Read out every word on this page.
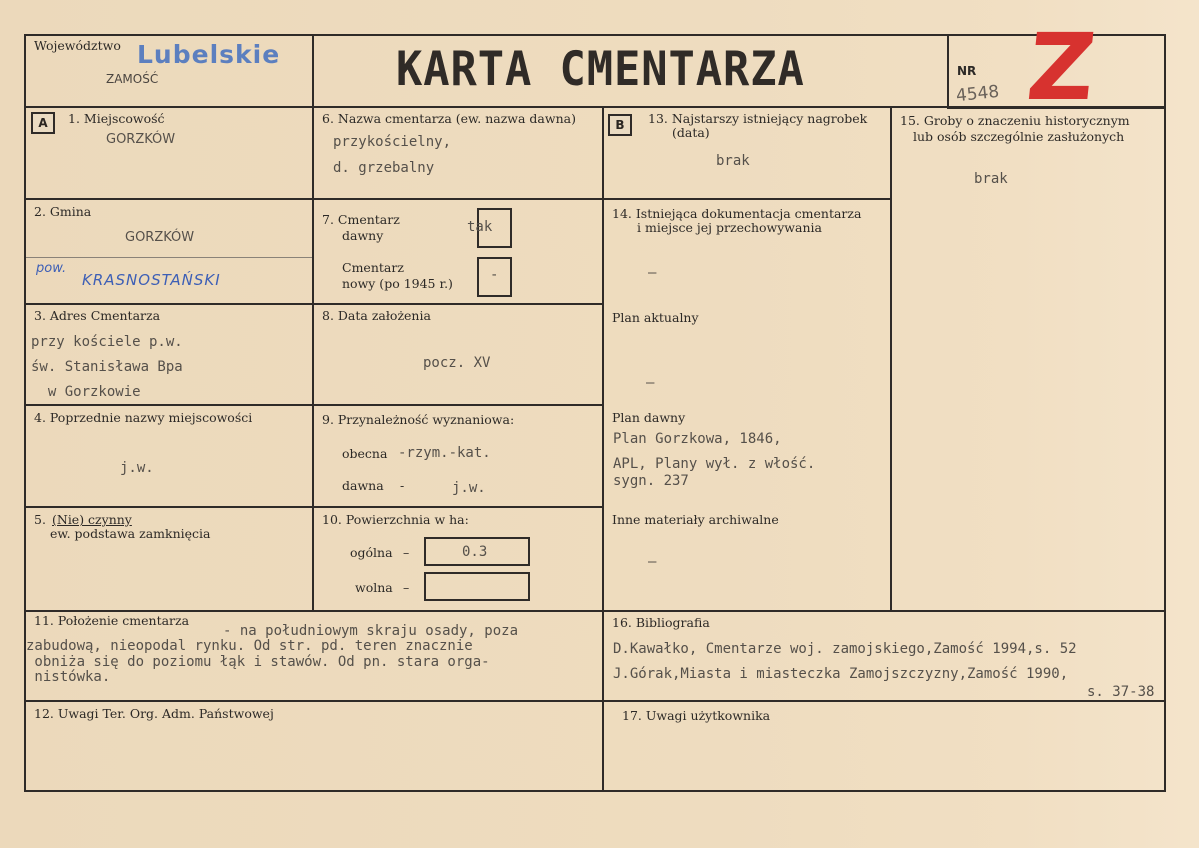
Województwo Lubelskie
ZAMOŚĆ	KARTA CMENTARZA	NR
4548 Z
A	1. Miejscowość
GORZKÓW
2. Gmina
GORZKÓW
pow.
KRASNOSTAŃSKI
3. Adres Cmentarza
przy kościele p.w.
św. Stanisława Bpa
w Gorzkowie
4. Poprzednie nazwy miejscowości
j.w.
5. (Nie) czynny
ew. podstawa zamknięcia
6. Nazwa cmentarza (ew. nazwa dawna)
przykościelny,
d. grzebalny
7. Cmentarz
dawny
tak
Cmentarz
nowy (po 1945 r.)
-
8. Data założenia
pocz. XV
9. Przynależność wyznaniowa:
obecna -rzym.-kat.
dawna -	j.w.
10. Powierzchnia w ha:
ogólna –	0.3
wolna –
B	13. Najstarszy istniejący nagrobek
(data)
brak
14. Istniejąca dokumentacja cmentarza
i miejsce jej przechowywania
—
Plan aktualny
—
Plan dawny
Plan Gorzkowa, 1846,
APL, Plany wył. z włość.
sygn. 237
Inne materiały archiwalne
—
15. Groby o znaczeniu historycznym
lub osób szczególnie zasłużonych
brak
11. Położenie cmentarza
- na południowym skraju osady, poza
zabudową, nieopodal rynku. Od str. pd. teren znacznie
obniża się do poziomu łąk i stawów. Od pn. stara orga-
nistówka.
16. Bibliografia
D.Kawałko, Cmentarze woj. zamojskiego,Zamość 1994,s. 52
J.Górak,Miasta i miasteczka Zamojszczyzny,Zamość 1990,
s. 37-38
12. Uwagi Ter. Org. Adm. Państwowej	17. Uwagi użytkownika
